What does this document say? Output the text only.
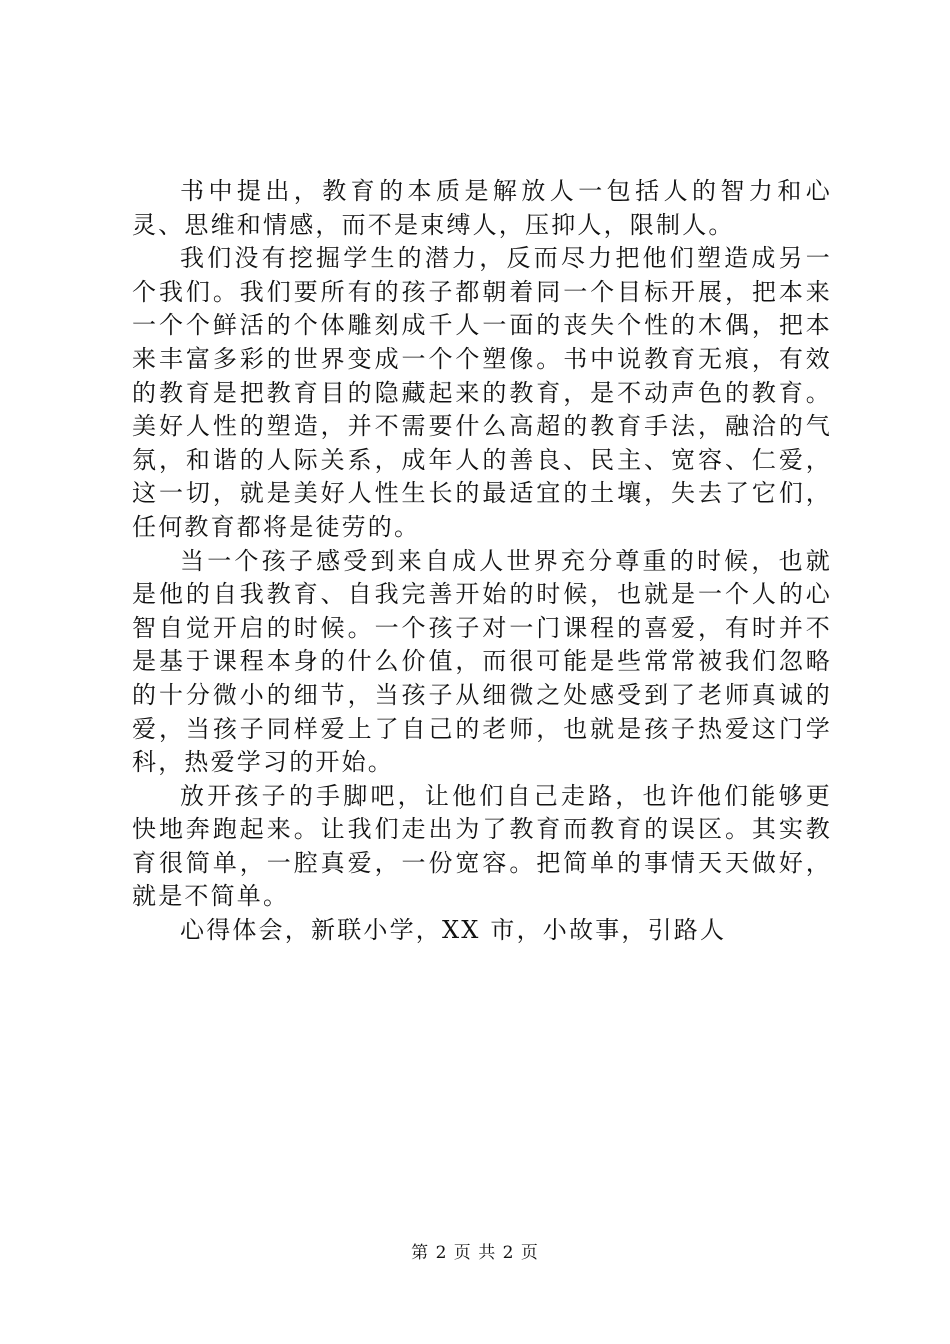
书中提出，教育的本质是解放人一包括人的智力和心灵、思维和情感，而不是束缚人，压抑人，限制人。

我们没有挖掘学生的潜力，反而尽力把他们塑造成另一个我们。我们要所有的孩子都朝着同一个目标开展，把本来一个个鲜活的个体雕刻成千人一面的丧失个性的木偶，把本来丰富多彩的世界变成一个个塑像。书中说教育无痕，有效的教育是把教育目的隐藏起来的教育，是不动声色的教育。美好人性的塑造，并不需要什么高超的教育手法，融洽的气氛，和谐的人际关系，成年人的善良、民主、宽容、仁爱，这一切，就是美好人性生长的最适宜的土壤，失去了它们，任何教育都将是徒劳的。

当一个孩子感受到来自成人世界充分尊重的时候，也就是他的自我教育、自我完善开始的时候，也就是一个人的心智自觉开启的时候。一个孩子对一门课程的喜爱，有时并不是基于课程本身的什么价值，而很可能是些常常被我们忽略的十分微小的细节，当孩子从细微之处感受到了老师真诚的爱，当孩子同样爱上了自己的老师，也就是孩子热爱这门学科，热爱学习的开始。

放开孩子的手脚吧，让他们自己走路，也许他们能够更快地奔跑起来。让我们走出为了教育而教育的误区。其实教育很简单，一腔真爱，一份宽容。把简单的事情天天做好，就是不简单。

心得体会，新联小学，XX 市，小故事，引路人

第 2 页 共 2 页
